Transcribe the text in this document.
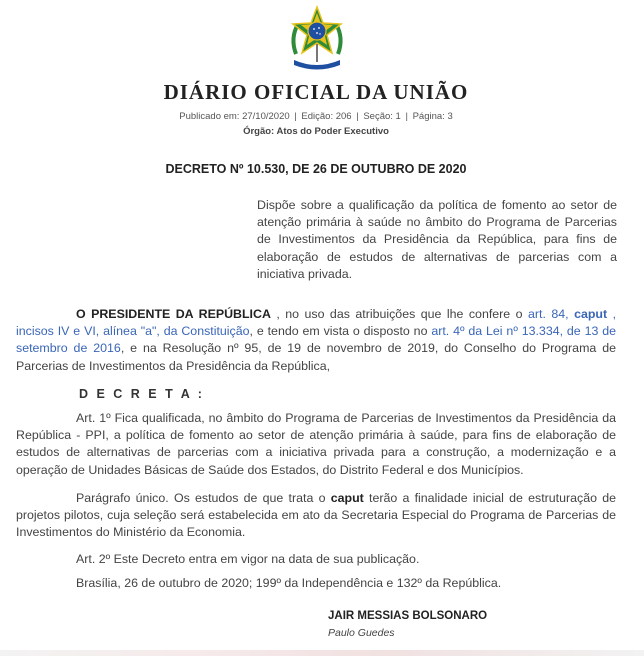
DIÁRIO OFICIAL DA UNIÃO
Publicado em: 27/10/2020 | Edição: 206 | Seção: 1 | Página: 3
Órgão: Atos do Poder Executivo
DECRETO Nº 10.530, DE 26 DE OUTUBRO DE 2020
Dispõe sobre a qualificação da política de fomento ao setor de atenção primária à saúde no âmbito do Programa de Parcerias de Investimentos da Presidência da República, para fins de elaboração de estudos de alternativas de parcerias com a iniciativa privada.
O PRESIDENTE DA REPÚBLICA , no uso das atribuições que lhe confere o art. 84, caput , incisos IV e VI, alínea "a", da Constituição, e tendo em vista o disposto no art. 4º da Lei nº 13.334, de 13 de setembro de 2016, e na Resolução nº 95, de 19 de novembro de 2019, do Conselho do Programa de Parcerias de Investimentos da Presidência da República,
D E C R E T A :
Art. 1º Fica qualificada, no âmbito do Programa de Parcerias de Investimentos da Presidência da República - PPI, a política de fomento ao setor de atenção primária à saúde, para fins de elaboração de estudos de alternativas de parcerias com a iniciativa privada para a construção, a modernização e a operação de Unidades Básicas de Saúde dos Estados, do Distrito Federal e dos Municípios.
Parágrafo único. Os estudos de que trata o caput terão a finalidade inicial de estruturação de projetos pilotos, cuja seleção será estabelecida em ato da Secretaria Especial do Programa de Parcerias de Investimentos do Ministério da Economia.
Art. 2º Este Decreto entra em vigor na data de sua publicação.
Brasília, 26 de outubro de 2020; 199º da Independência e 132º da República.
JAIR MESSIAS BOLSONARO
Paulo Guedes
